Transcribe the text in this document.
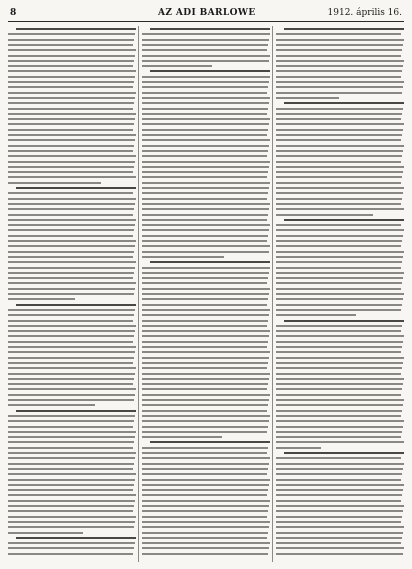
8	AZ ADI BARLOWE	1912. április 16.
